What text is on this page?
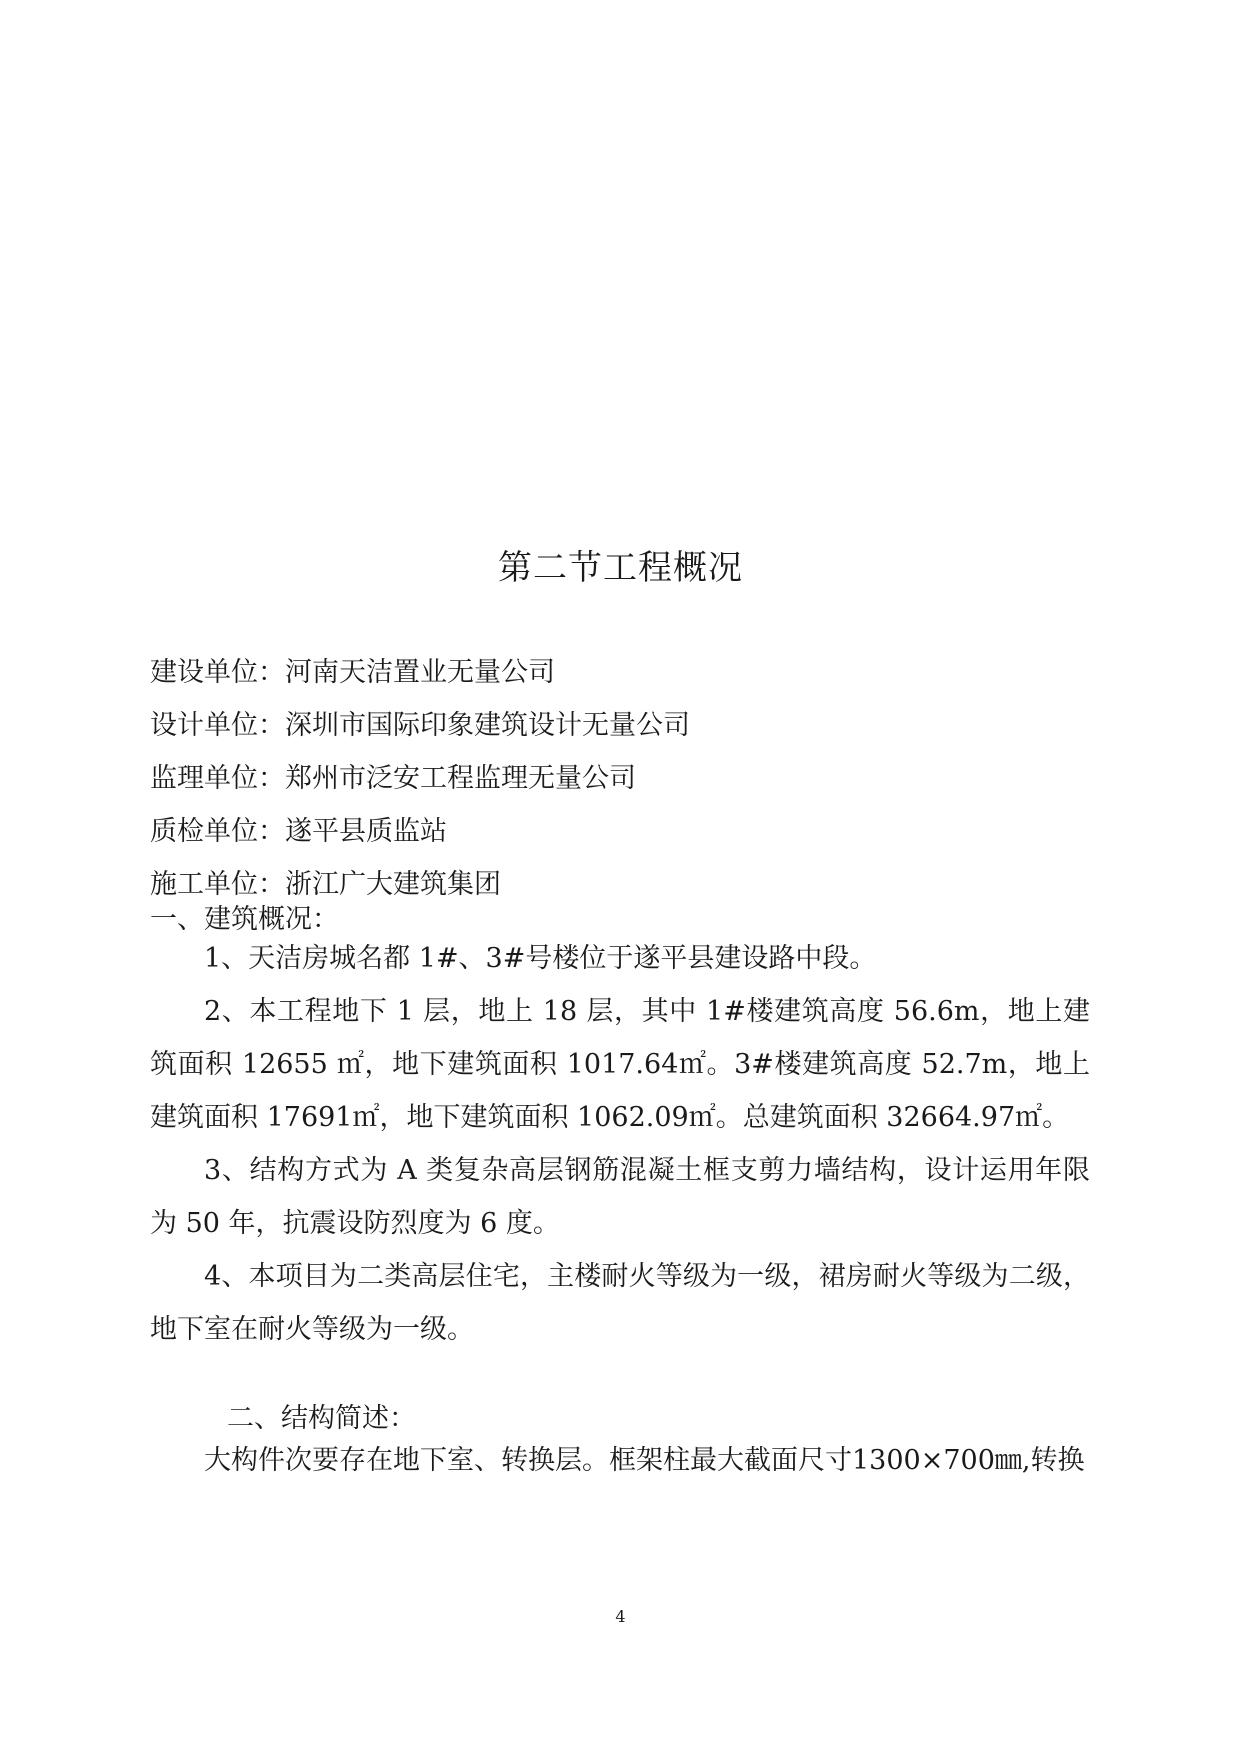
第二节工程概况
建设单位：河南天洁置业无量公司
设计单位：深圳市国际印象建筑设计无量公司
监理单位：郑州市泛安工程监理无量公司
质检单位：遂平县质监站
施工单位：浙江广大建筑集团
一、建筑概况：

1、天洁房城名都 1#、3#号楼位于遂平县建设路中段。

2、本工程地下 1 层，地上 18 层，其中 1#楼建筑高度 56.6m，地上建筑面积 12655 ㎡，地下建筑面积 1017.64㎡。3#楼建筑高度 52.7m，地上建筑面积 17691㎡，地下建筑面积 1062.09㎡。总建筑面积 32664.97㎡。

3、结构方式为 A 类复杂高层钢筋混凝土框支剪力墙结构，设计运用年限为 50 年，抗震设防烈度为 6 度。

4、本项目为二类高层住宅，主楼耐火等级为一级，裙房耐火等级为二级，地下室在耐火等级为一级。

二、结构简述：

大构件次要存在地下室、转换层。框架柱最大截面尺寸1300×700㎜,转换

4
